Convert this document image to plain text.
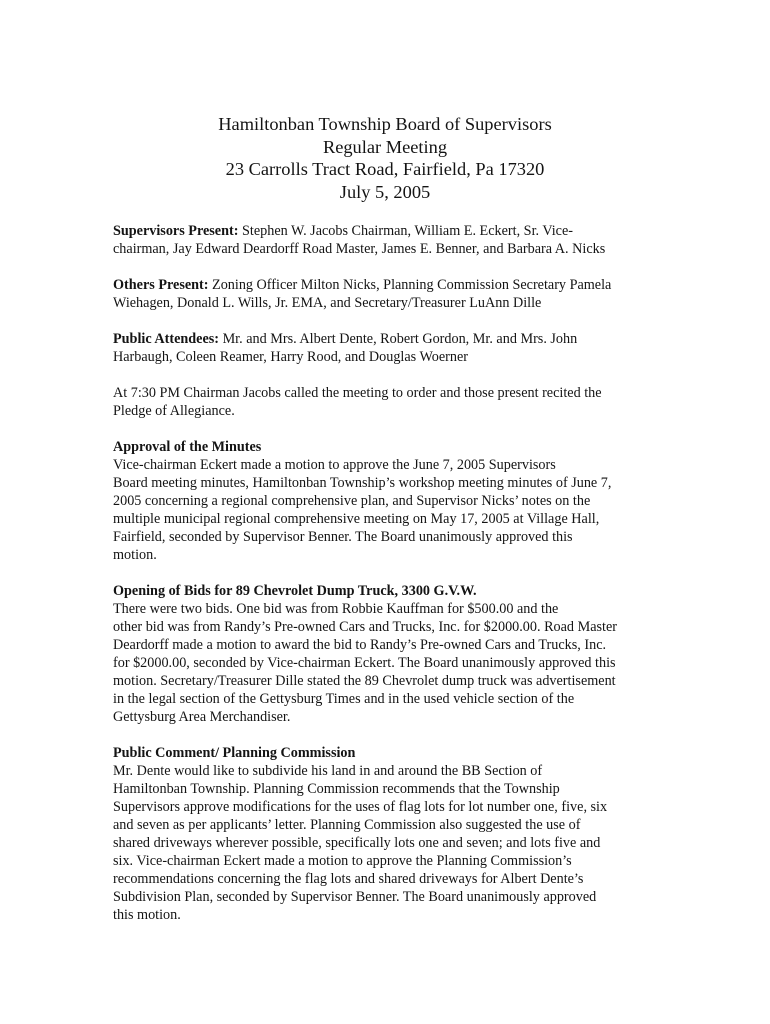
Hamiltonban Township Board of Supervisors
Regular Meeting
23 Carrolls Tract Road, Fairfield, Pa 17320
July 5, 2005

Supervisors Present: Stephen W. Jacobs Chairman, William E. Eckert, Sr. Vice-
chairman, Jay Edward Deardorff Road Master, James E. Benner, and Barbara A. Nicks

Others Present: Zoning Officer Milton Nicks, Planning Commission Secretary Pamela
Wiehagen, Donald L. Wills, Jr. EMA, and Secretary/Treasurer LuAnn Dille

Public Attendees: Mr. and Mrs. Albert Dente, Robert Gordon, Mr. and Mrs. John
Harbaugh, Coleen Reamer, Harry Rood, and Douglas Woerner

At 7:30 PM Chairman Jacobs called the meeting to order and those present recited the
Pledge of Allegiance.

Approval of the Minutes

Vice-chairman Eckert made a motion to approve the June 7, 2005 Supervisors
Board meeting minutes, Hamiltonban Township’s workshop meeting minutes of June 7,
2005 concerning a regional comprehensive plan, and Supervisor Nicks’ notes on the
multiple municipal regional comprehensive meeting on May 17, 2005 at Village Hall,
Fairfield, seconded by Supervisor Benner. The Board unanimously approved this
motion.

Opening of Bids for 89 Chevrolet Dump Truck, 3300 G.V.W.

There were two bids. One bid was from Robbie Kauffman for $500.00 and the
other bid was from Randy’s Pre-owned Cars and Trucks, Inc. for $2000.00. Road Master
Deardorff made a motion to award the bid to Randy’s Pre-owned Cars and Trucks, Inc.
for $2000.00, seconded by Vice-chairman Eckert. The Board unanimously approved this
motion. Secretary/Treasurer Dille stated the 89 Chevrolet dump truck was advertisement
in the legal section of the Gettysburg Times and in the used vehicle section of the
Gettysburg Area Merchandiser.

Public Comment/ Planning Commission

Mr. Dente would like to subdivide his land in and around the BB Section of
Hamiltonban Township. Planning Commission recommends that the Township
Supervisors approve modifications for the uses of flag lots for lot number one, five, six
and seven as per applicants’ letter. Planning Commission also suggested the use of
shared driveways wherever possible, specifically lots one and seven; and lots five and
six. Vice-chairman Eckert made a motion to approve the Planning Commission’s
recommendations concerning the flag lots and shared driveways for Albert Dente’s
Subdivision Plan, seconded by Supervisor Benner. The Board unanimously approved
this motion.
